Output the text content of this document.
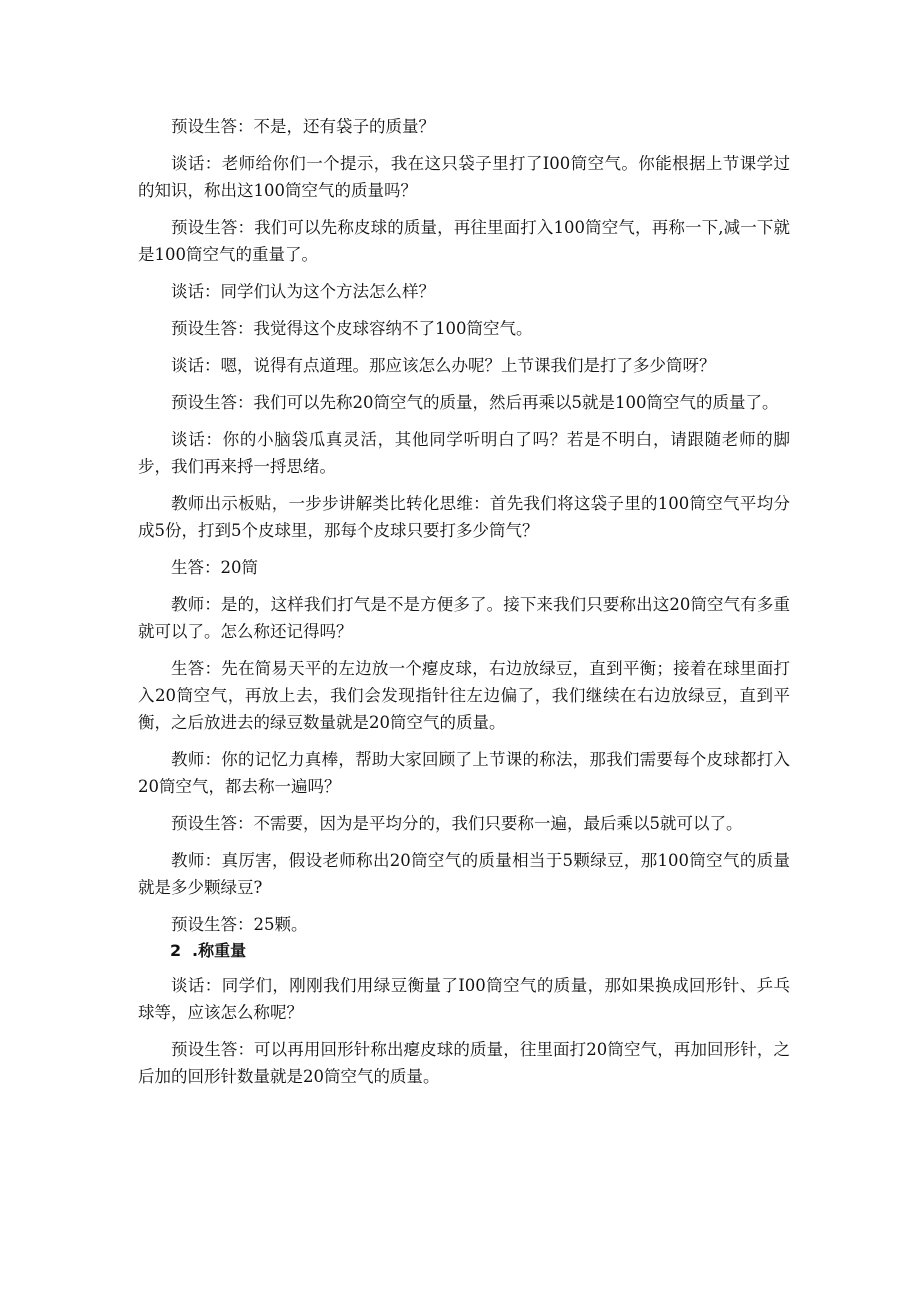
预设生答：不是，还有袋子的质量？

谈话：老师给你们一个提示，我在这只袋子里打了I00筒空气。你能根据上节课学过的知识，称出这100筒空气的质量吗？

预设生答：我们可以先称皮球的质量，再往里面打入100筒空气，再称一下,减一下就是100筒空气的重量了。

谈话：同学们认为这个方法怎么样？

预设生答：我觉得这个皮球容纳不了100筒空气。

谈话：嗯，说得有点道理。那应该怎么办呢？上节课我们是打了多少筒呀？

预设生答：我们可以先称20筒空气的质量，然后再乘以5就是100筒空气的质量了。

谈话：你的小脑袋瓜真灵活，其他同学听明白了吗？若是不明白，请跟随老师的脚步，我们再来捋一捋思绪。

教师出示板贴，一步步讲解类比转化思维：首先我们将这袋子里的100筒空气平均分成5份，打到5个皮球里，那每个皮球只要打多少筒气？

生答：20筒

教师：是的，这样我们打气是不是方便多了。接下来我们只要称出这20筒空气有多重就可以了。怎么称还记得吗？

生答：先在简易天平的左边放一个瘪皮球，右边放绿豆，直到平衡；接着在球里面打入20筒空气，再放上去，我们会发现指针往左边偏了，我们继续在右边放绿豆，直到平衡，之后放进去的绿豆数量就是20筒空气的质量。

教师：你的记忆力真棒，帮助大家回顾了上节课的称法，那我们需要每个皮球都打入20筒空气，都去称一遍吗？

预设生答：不需要，因为是平均分的，我们只要称一遍，最后乘以5就可以了。

教师：真厉害，假设老师称出20筒空气的质量相当于5颗绿豆，那100筒空气的质量就是多少颗绿豆?

预设生答：25颗。

2 .称重量

谈话：同学们，刚刚我们用绿豆衡量了I00筒空气的质量，那如果换成回形针、乒乓球等，应该怎么称呢？

预设生答：可以再用回形针称出瘪皮球的质量，往里面打20筒空气，再加回形针，之后加的回形针数量就是20筒空气的质量。
